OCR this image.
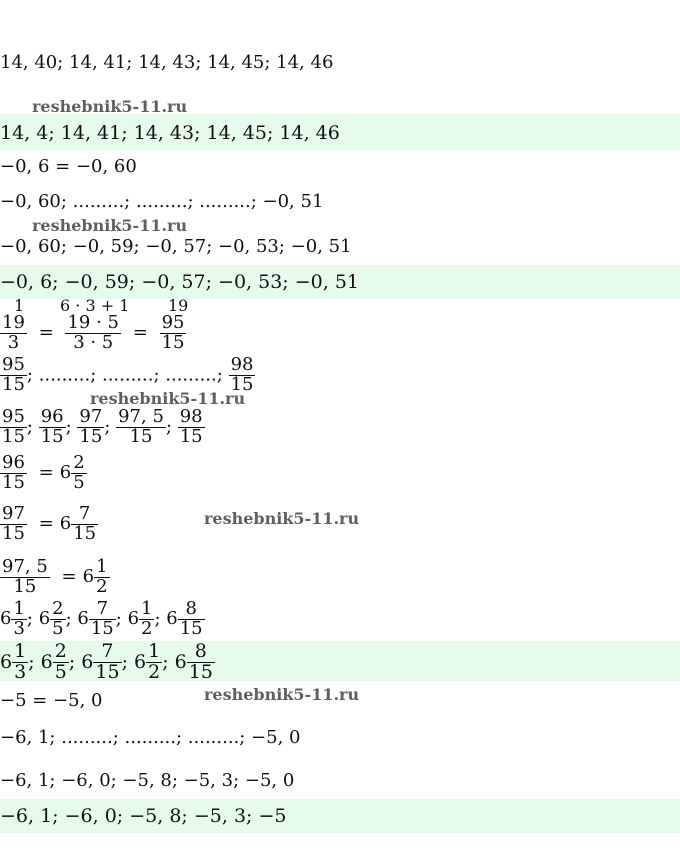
reshebnik5-11.ru
reshebnik5-11.ru
reshebnik5-11.ru
reshebnik5-11.ru
reshebnik5-11.ru
14, 40; 14, 41; 14, 43; 14, 45; 14, 46
14, 4; 14, 41; 14, 43; 14, 45; 14, 46
−0, 6 = −0, 60
−0, 60; .........; .........; .........; −0, 51
−0, 60; −0, 59; −0, 57; −0, 53; −0, 51
−0, 6; −0, 59; −0, 57; −0, 53; −0, 51
6 · 3 + 1 19
1
$\frac{19}{3} = \frac{19 \cdot 5}{3 \cdot 5} = \frac{95}{15}$
$\frac{95}{15}$ ; .........; .........; .........; $\frac{98}{15}$
$\frac{95}{15}$ ; $\frac{96}{15}$ ; $\frac{97}{15}$ ; $\frac{97, 5}{15}$ ; $\frac{98}{15}$
$\frac{96}{15} = 6 \frac{2}{5}$
$\frac{97}{15} = 6 \frac{7}{15}$
$\frac{97, 5}{15} = 6 \frac{1}{2}$
$6 \frac{1}{3}$ ; $6 \frac{2}{5}$ ; $6 \frac{7}{15}$ ; $6 \frac{1}{2}$ ; $6 \frac{8}{15}$
$6 \frac{1}{3}$ ; $6 \frac{2}{5}$ ; $6 \frac{7}{15}$ ; $6 \frac{1}{2}$ ; $6 \frac{8}{15}$
−5 = −5, 0
−6, 1; .........; .........; .........; −5, 0
−6, 1; −6, 0; −5, 8; −5, 3; −5, 0
−6, 1; −6, 0; −5, 8; −5, 3; −5
